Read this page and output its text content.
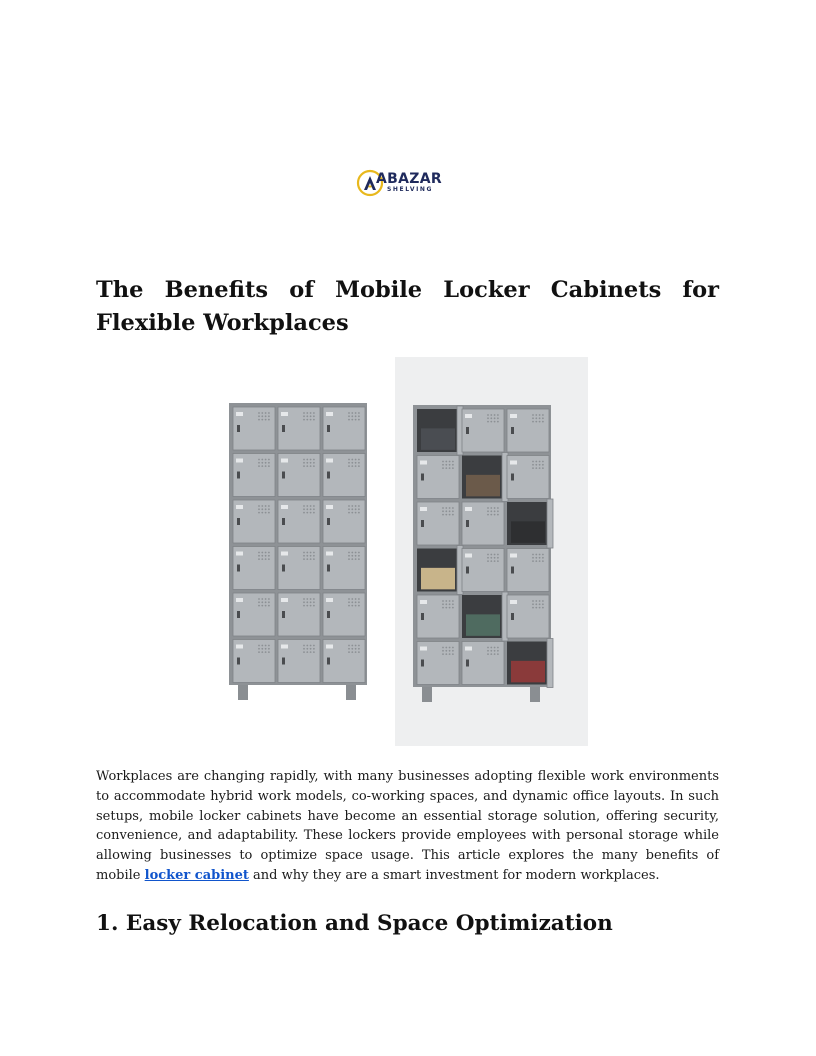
ABAZAR
SHELVING
The Benefits of Mobile Locker Cabinets for Flexible Workplaces

Workplaces are changing rapidly, with many businesses adopting flexible work environments to accommodate hybrid work models, co-working spaces, and dynamic office layouts. In such setups, mobile locker cabinets have become an essential storage solution, offering security, convenience, and adaptability. These lockers provide employees with personal storage while allowing businesses to optimize space usage. This article explores the many benefits of mobile locker cabinet and why they are a smart investment for modern workplaces.

1. Easy Relocation and Space Optimization
